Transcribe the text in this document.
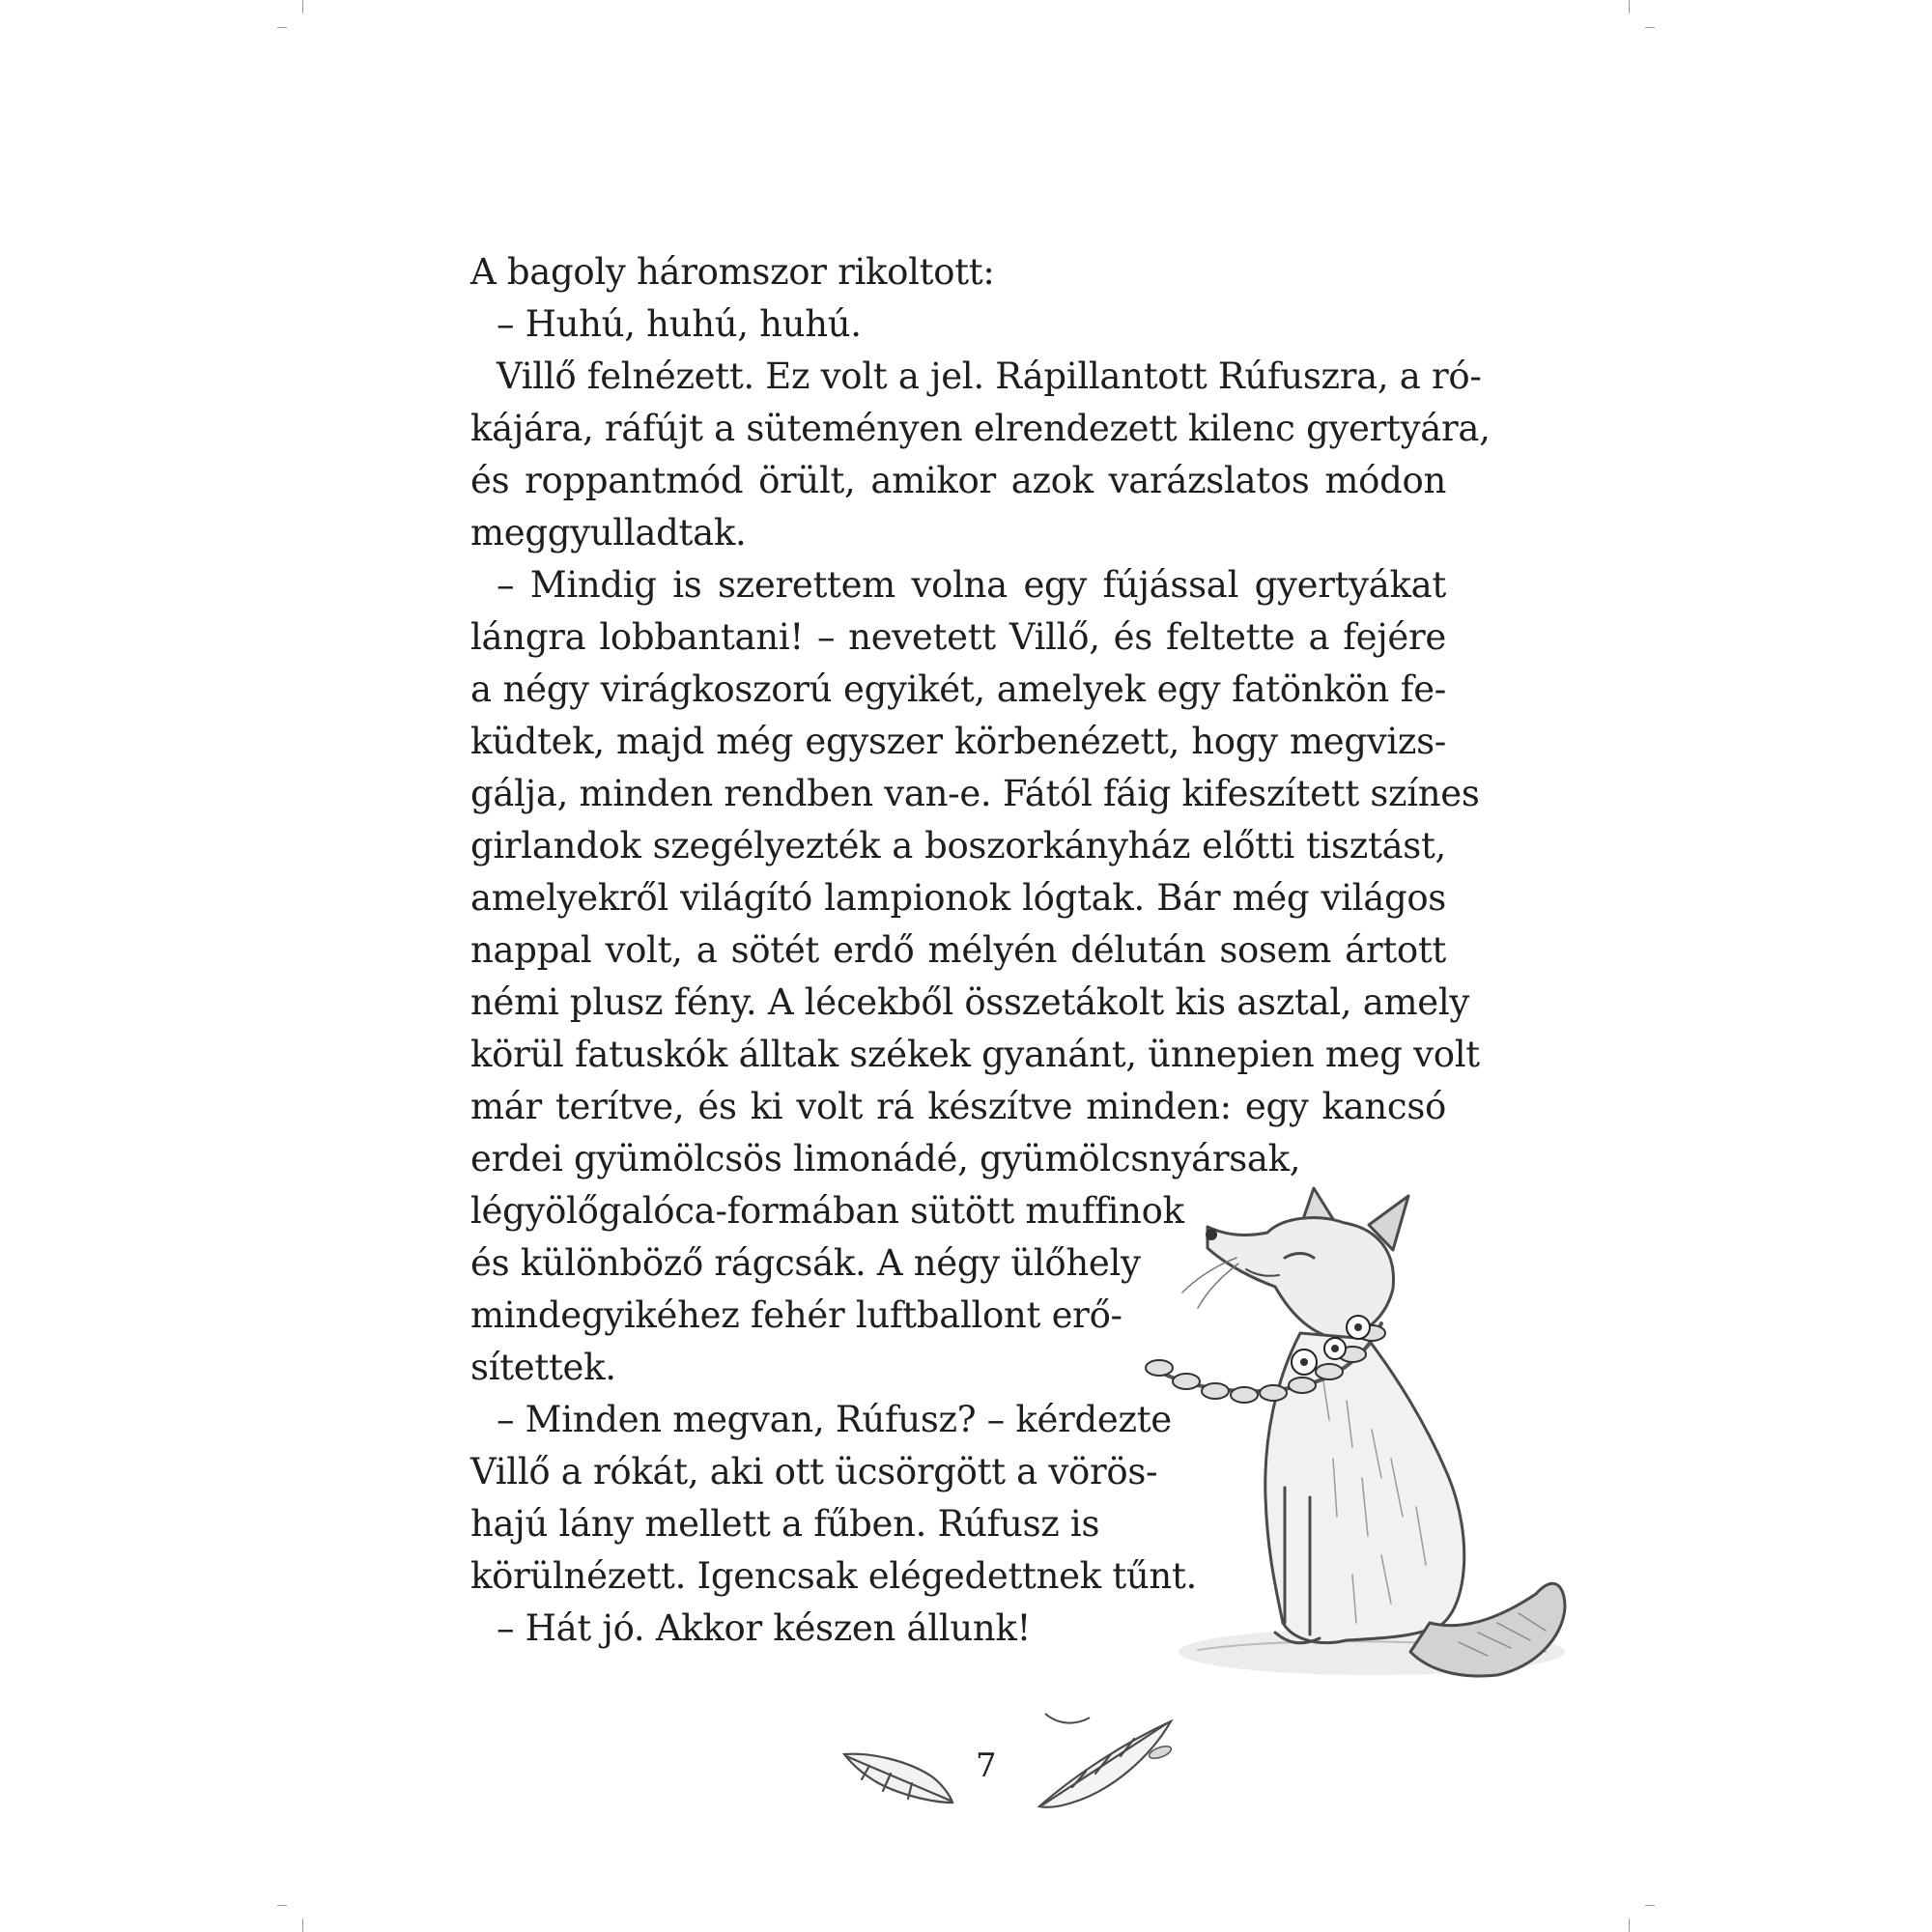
A bagoly háromszor rikoltott:
– Huhú, huhú, huhú.
Villő felnézett. Ez volt a jel. Rápillantott Rúfuszra, a ró-
kájára, ráfújt a süteményen elrendezett kilenc gyertyára,
és roppantmód örült, amikor azok varázslatos módon
meggyulladtak.
– Mindig is szerettem volna egy fújással gyertyákat
lángra lobbantani! – nevetett Villő, és feltette a fejére
a négy virágkoszorú egyikét, amelyek egy fatönkön fe-
küdtek, majd még egyszer körbenézett, hogy megvizs-
gálja, minden rendben van-e. Fától fáig kifeszített színes
girlandok szegélyezték a boszorkányház előtti tisztást,
amelyekről világító lampionok lógtak. Bár még világos
nappal volt, a sötét erdő mélyén délután sosem ártott
némi plusz fény. A lécekből összetákolt kis asztal, amely
körül fatuskók álltak székek gyanánt, ünnepien meg volt
már terítve, és ki volt rá készítve minden: egy kancsó
erdei gyümölcsös limonádé, gyümölcsnyársak,
légyölőgalóca-formában sütött muffinok
és különböző rágcsák. A négy ülőhely
mindegyikéhez fehér luftballont erő-
sítettek.
– Minden megvan, Rúfusz? – kérdezte
Villő a rókát, aki ott ücsörgött a vörös-
hajú lány mellett a fűben. Rúfusz is
körülnézett. Igencsak elégedettnek tűnt.
– Hát jó. Akkor készen állunk!
7
